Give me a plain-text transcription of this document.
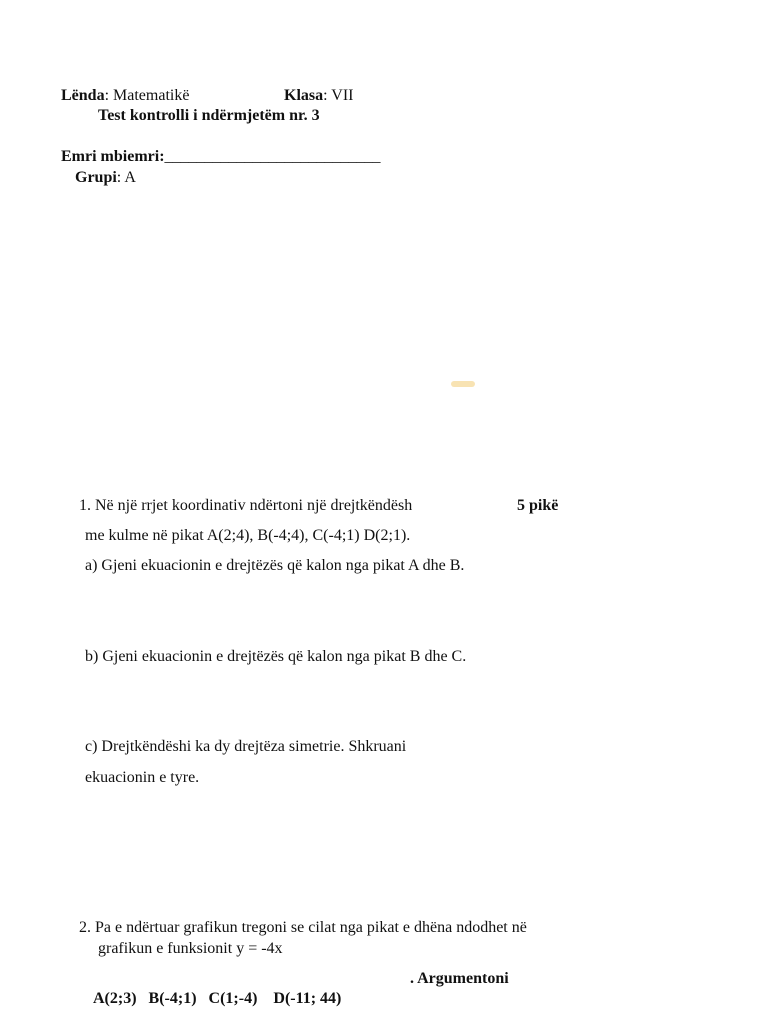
Lënda: Matematikë	Klasa: VII
Test kontrolli i ndërmjetëm nr. 3
Emri mbiemri:___________________________
Grupi: A
1. Në një rrjet koordinativ ndërtoni një drejtkëndësh	5 pikë
me kulme në pikat A(2;4), B(-4;4), C(-4;1) D(2;1).
a) Gjeni ekuacionin e drejtëzës që kalon nga pikat A dhe B.
b) Gjeni ekuacionin e drejtëzës që kalon nga pikat B dhe C.
c) Drejtkëndëshi ka dy drejtëza simetrie. Shkruani
ekuacionin e tyre.
2. Pa e ndërtuar grafikun tregoni se cilat nga pikat e dhëna ndodhet në
grafikun e funksionit y = -4x

A(2;3)   B(-4;1)   C(1;-4)    D(-11; 44)

. Argumentoni
